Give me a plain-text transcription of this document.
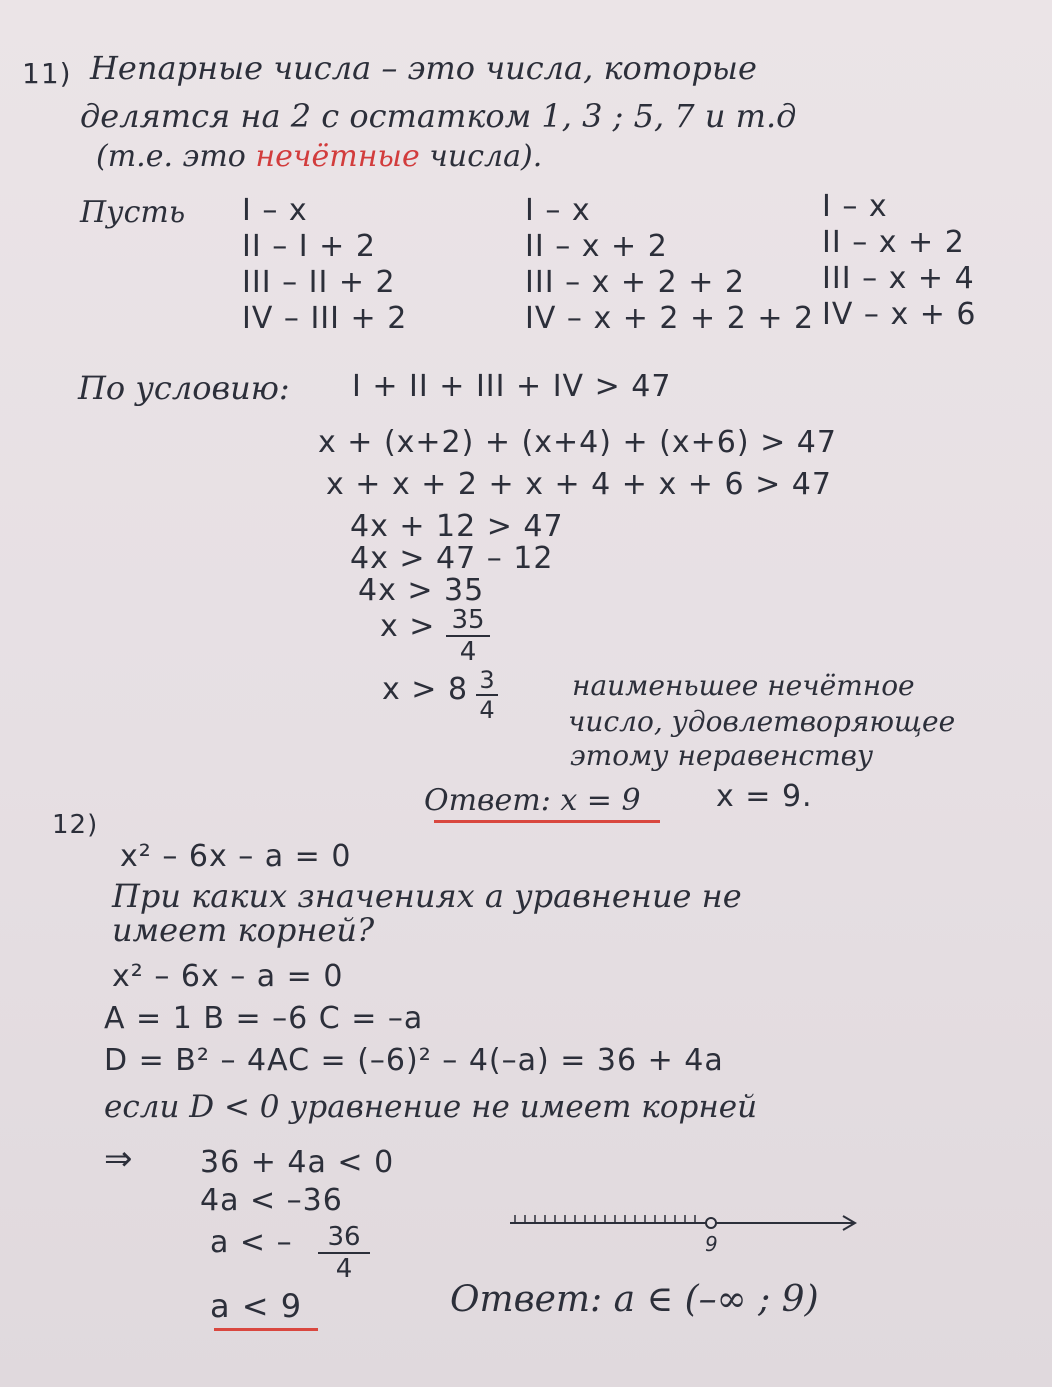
11) Непарные числа – это числа, которые
делятся на 2 с остатком 1, 3 ; 5, 7 и т.д
(т.е. это нечётные числа).
Пусть I – x
II – I + 2
III – II + 2
IV – III + 2
I – x
II – x + 2
III – x + 2 + 2
IV – x + 2 + 2 + 2
I – x
II – x + 2
III – x + 4
IV – x + 6
По условию: I + II + III + IV > 47
x + (x+2) + (x+4) + (x+6) > 47
x + x + 2 + x + 4 + x + 6 > 47
4x + 12 > 47
4x > 47 – 12
4x > 35
$x > \frac{35}{4}$
$x > 8 \frac{3}{4}$	наименьшее нечётное
число, удовлетворяющее
этому неравенству
x = 9.
Ответ: x = 9
12)
x² – 6x – a = 0
При каких значениях a уравнение не
имеет корней?
x² – 6x – a = 0
A = 1 B = –6 C = –a
D = B² – 4AC = (–6)² – 4(–a) = 36 + 4a
если D < 0 уравнение не имеет корней
⇒ 36 + 4a < 0
4a < –36
a < – $\frac{36}{4}$
a < 9
9
Ответ: a ∈ (–∞ ; 9)
